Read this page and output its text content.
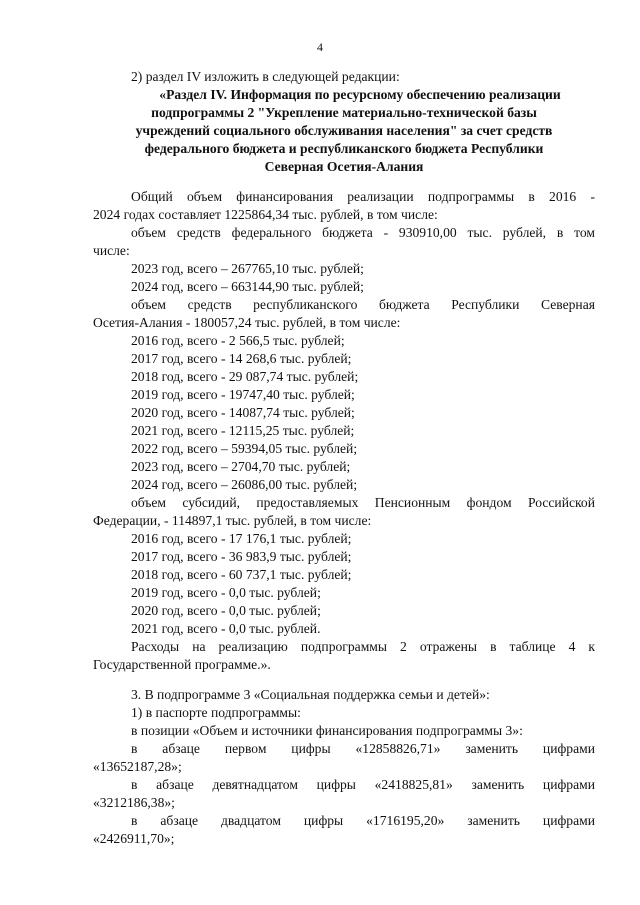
4
2) раздел IV изложить в следующей редакции:
«Раздел IV. Информация по ресурсному обеспечению реализации
подпрограммы 2 "Укрепление материально-технической базы
учреждений социального обслуживания населения" за счет средств
федерального бюджета и республиканского бюджета Республики
Северная Осетия-Алания
Общий объем финансирования реализации подпрограммы в 2016 -
2024 годах составляет 1225864,34 тыс. рублей, в том числе:
объем средств федерального бюджета - 930910,00 тыс. рублей, в том
числе:
2023 год, всего – 267765,10 тыс. рублей;
2024 год, всего – 663144,90 тыс. рублей;
объем средств республиканского бюджета Республики Северная
Осетия-Алания - 180057,24 тыс. рублей, в том числе:
2016 год, всего - 2 566,5 тыс. рублей;
2017 год, всего - 14 268,6 тыс. рублей;
2018 год, всего - 29 087,74 тыс. рублей;
2019 год, всего - 19747,40 тыс. рублей;
2020 год, всего - 14087,74 тыс. рублей;
2021 год, всего - 12115,25 тыс. рублей;
2022 год, всего – 59394,05 тыс. рублей;
2023 год, всего – 2704,70 тыс. рублей;
2024 год, всего – 26086,00 тыс. рублей;
объем субсидий, предоставляемых Пенсионным фондом Российской
Федерации, - 114897,1 тыс. рублей, в том числе:
2016 год, всего - 17 176,1 тыс. рублей;
2017 год, всего - 36 983,9 тыс. рублей;
2018 год, всего - 60 737,1 тыс. рублей;
2019 год, всего - 0,0 тыс. рублей;
2020 год, всего - 0,0 тыс. рублей;
2021 год, всего - 0,0 тыс. рублей.
Расходы на реализацию подпрограммы 2 отражены в таблице 4 к
Государственной программе.».
3. В подпрограмме 3 «Социальная поддержка семьи и детей»:
1) в паспорте подпрограммы:
в позиции «Объем и источники финансирования подпрограммы 3»:
в абзаце первом цифры «12858826,71» заменить цифрами
«13652187,28»;
в абзаце девятнадцатом цифры «2418825,81» заменить цифрами
«3212186,38»;
в абзаце двадцатом цифры «1716195,20» заменить цифрами
«2426911,70»;
